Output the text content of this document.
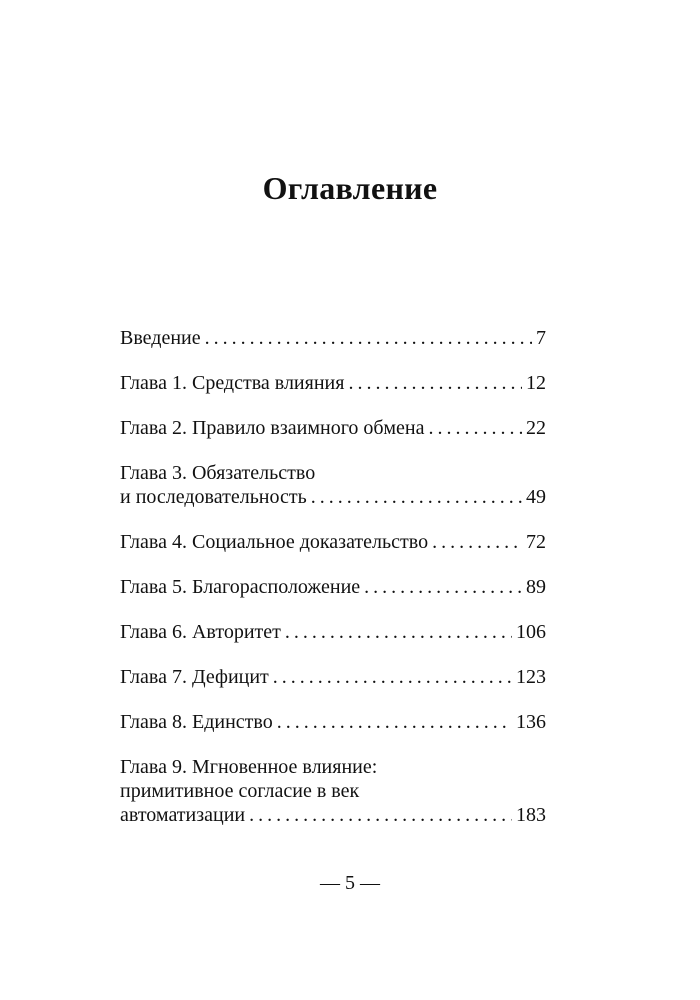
Оглавление
Введение . . .	7
Глава 1. Средства влияния . . .	12
Глава 2. Правило взаимного обмена . . .	22
Глава 3. Обязательство
и последовательность . . .	49
Глава 4. Социальное доказательство . . .	72
Глава 5. Благорасположение . . .	89
Глава 6. Авторитет . . .	106
Глава 7. Дефицит . . .	123
Глава 8. Единство . . .	136
Глава 9. Мгновенное влияние:
примитивное согласие в век
автоматизации . . .	183
— 5 —
